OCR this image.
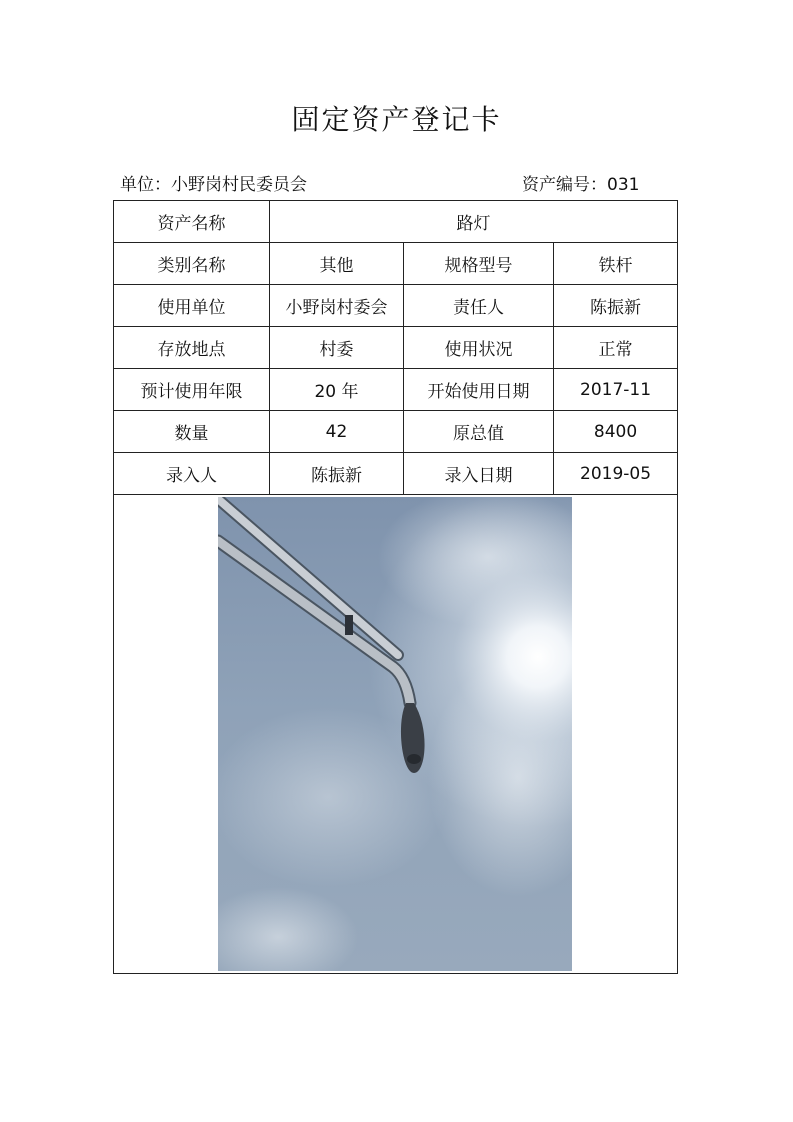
固定资产登记卡
单位：小野岗村民委员会	资产编号：031
资产名称	路灯		
类别名称	其他	规格型号	铁杆
使用单位	小野岗村委会	责任人	陈振新
存放地点	村委	使用状况	正常
预计使用年限	20 年	开始使用日期	2017-11
数量	42	原总值	8400
录入人	陈振新	录入日期	2019-05
